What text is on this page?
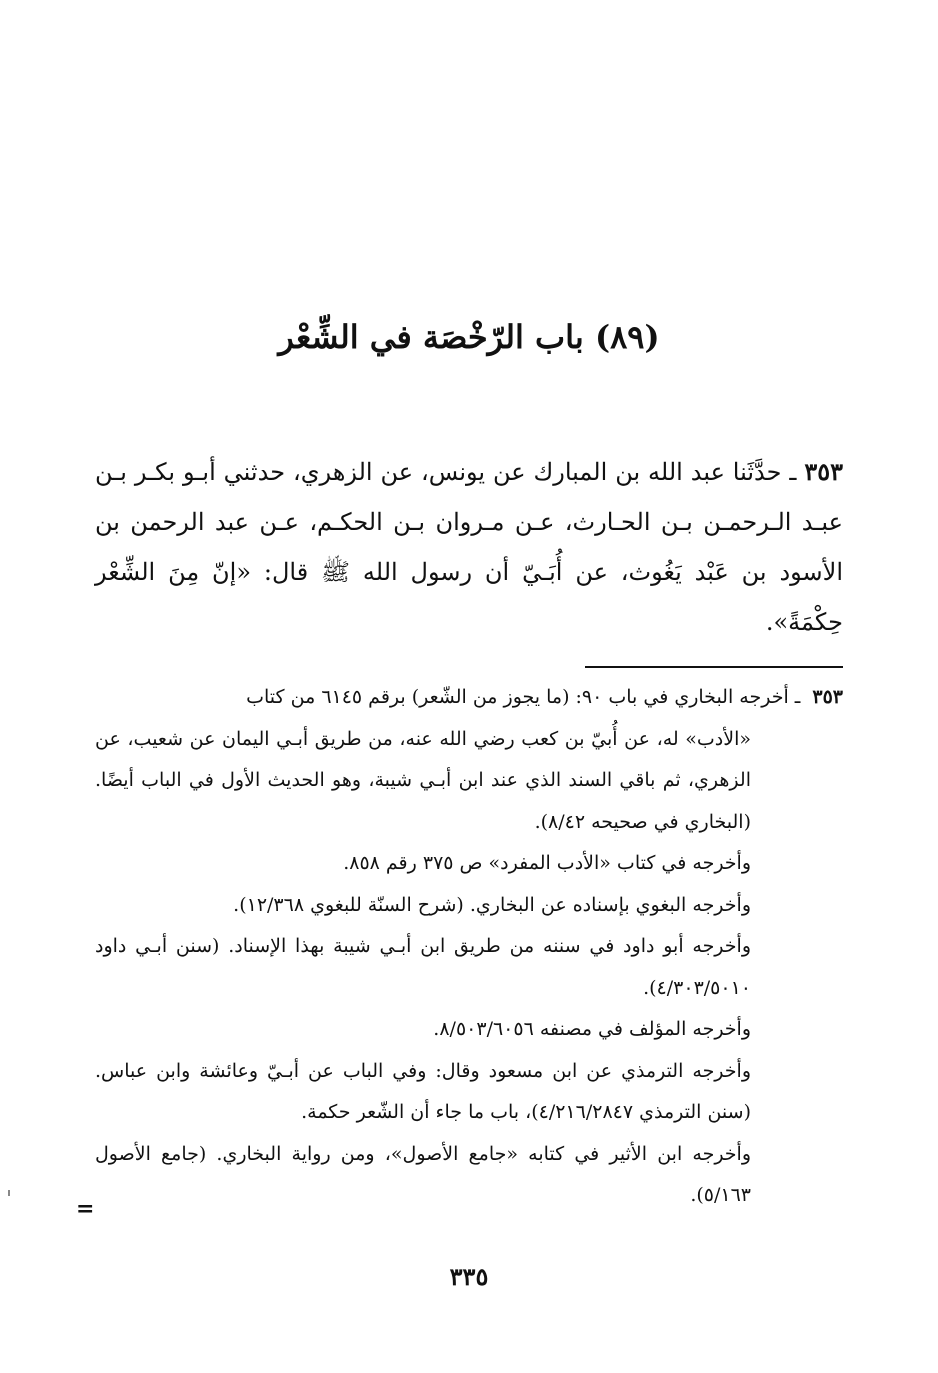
(٨٩) باب الرّخْصَة في الشِّعْر

٣٥٣ ـ حدَّثَنا عبد الله بن المبارك عن يونس، عن الزهري، حدثني أبـو بكـر بـن عبـد الـرحمـن بـن الحـارث، عـن مـروان بـن الحكـم، عـن عبد الرحمن بن الأسود بن عَبْد يَغُوث، عن أُبَـيّ أن رسول الله ﷺ قال: «إنّ مِنَ الشِّعْر حِكْمَةً».

٣٥٣ ـ أخرجه البخاري في باب ٩٠: (ما يجوز من الشّعر) برقم ٦١٤٥ من كتاب

«الأدب» له، عن أُبيّ بن كعب رضي الله عنه، من طريق أبـي اليمان عن شعيب، عن الزهري، ثم باقي السند الذي عند ابن أبـي شيبة، وهو الحديث الأول في الباب أيضًا. (البخاري في صحيحه ٨/٤٢).

وأخرجه في كتاب «الأدب المفرد» ص ٣٧٥ رقم ٨٥٨.

وأخرجه البغوي بإسناده عن البخاري. (شرح السنّة للبغوي ١٢/٣٦٨).

وأخرجه أبو داود في سننه من طريق ابن أبـي شيبة بهذا الإسناد. (سنن أبـي داود ٤/٣٠٣/٥٠١٠).

وأخرجه المؤلف في مصنفه ٨/٥٠٣/٦٠٥٦.

وأخرجه الترمذي عن ابن مسعود وقال: وفي الباب عن أبـيّ وعائشة وابن عباس. (سنن الترمذي ٤/٢١٦/٢٨٤٧)، باب ما جاء أن الشّعر حكمة.

وأخرجه ابن الأثير في كتابه «جامع الأصول»، ومن رواية البخاري. (جامع الأصول ٥/١٦٣).

=
٣٣٥
